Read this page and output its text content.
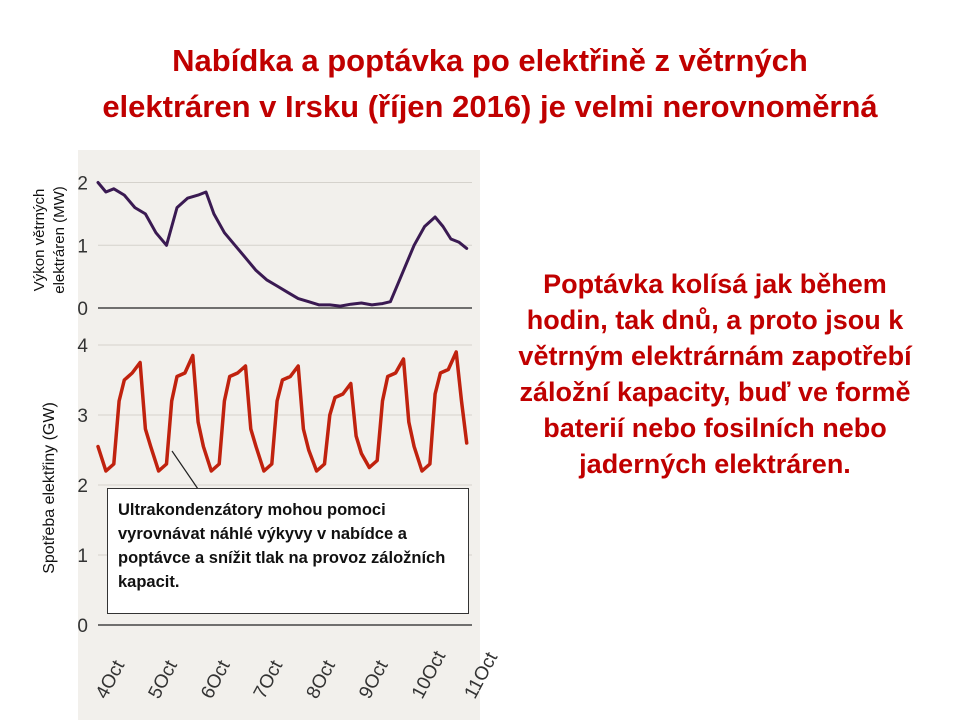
Nabídka a poptávka po elektřině z větrných
elektráren v Irsku (říjen 2016) je velmi nerovnoměrná
0
1
2
0
1
2
3
4
Výkon větrných elektráren (MW)
Spotřeba elektřiny (GW)
4Oct 5Oct 6Oct 7Oct 8Oct 9Oct 10Oct 11Oct
Ultrakondenzátory mohou pomoci vyrovnávat náhlé výkyvy v nabídce a poptávce a snížit tlak na provoz záložních kapacit.
Poptávka kolísá jak během hodin, tak dnů, a proto jsou k větrným elektrárnám zapotřebí záložní kapacity, buď ve formě baterií nebo fosilních nebo jaderných elektráren.
